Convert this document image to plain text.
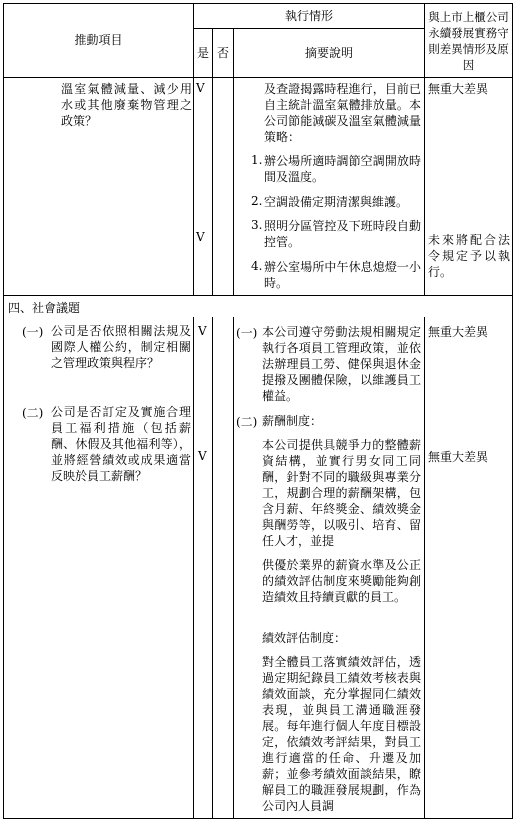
推動項目
執行情形
是 否	摘要說明
與上市上櫃公司永續發展實務守則差異情形及原因
溫室氣體減量、減少用水或其他廢棄物管理之政策？
V
V
及查證揭露時程進行，目前已自主統計溫室氣體排放量。本公司節能減碳及溫室氣體減量策略：
1. 辦公場所適時調節空調開放時間及溫度。
2. 空調設備定期清潔與維護。
3. 照明分區管控及下班時段自動控管。
4. 辦公室場所中午休息熄燈一小時。
無重大差異
未來將配合法令規定予以執行。
四、社會議題
(一) 公司是否依照相關法規及國際人權公約，制定相關之管理政策與程序？
V (一) 本公司遵守勞動法規相關規定執行各項員工管理政策，並依法辦理員工勞、健保與退休金提撥及團體保險，以維護員工權益。
無重大差異
(二) 公司是否訂定及實施合理員工福利措施（包括薪酬、休假及其他福利等），並將經營績效或成果適當反映於員工薪酬？
V
(二) 薪酬制度：
本公司提供具競爭力的整體薪資結構，並實行男女同工同酬，針對不同的職級與專業分工，規劃合理的薪酬架構，包含月薪、年終獎金、績效獎金與酬勞等，以吸引、培育、留任人才，並提
供優於業界的薪資水準及公正的績效評估制度來獎勵能夠創造績效且持續貢獻的員工。
績效評估制度：
對全體員工落實績效評估，透過定期紀錄員工績效考核表與績效面談，充分掌握同仁績效表現，並與員工溝通職涯發展。每年進行個人年度目標設定，依績效考評結果，對員工進行適當的任命、升遷及加薪；並參考績效面談結果，瞭解員工的職涯發展規劃，作為公司內人員調
無重大差異
